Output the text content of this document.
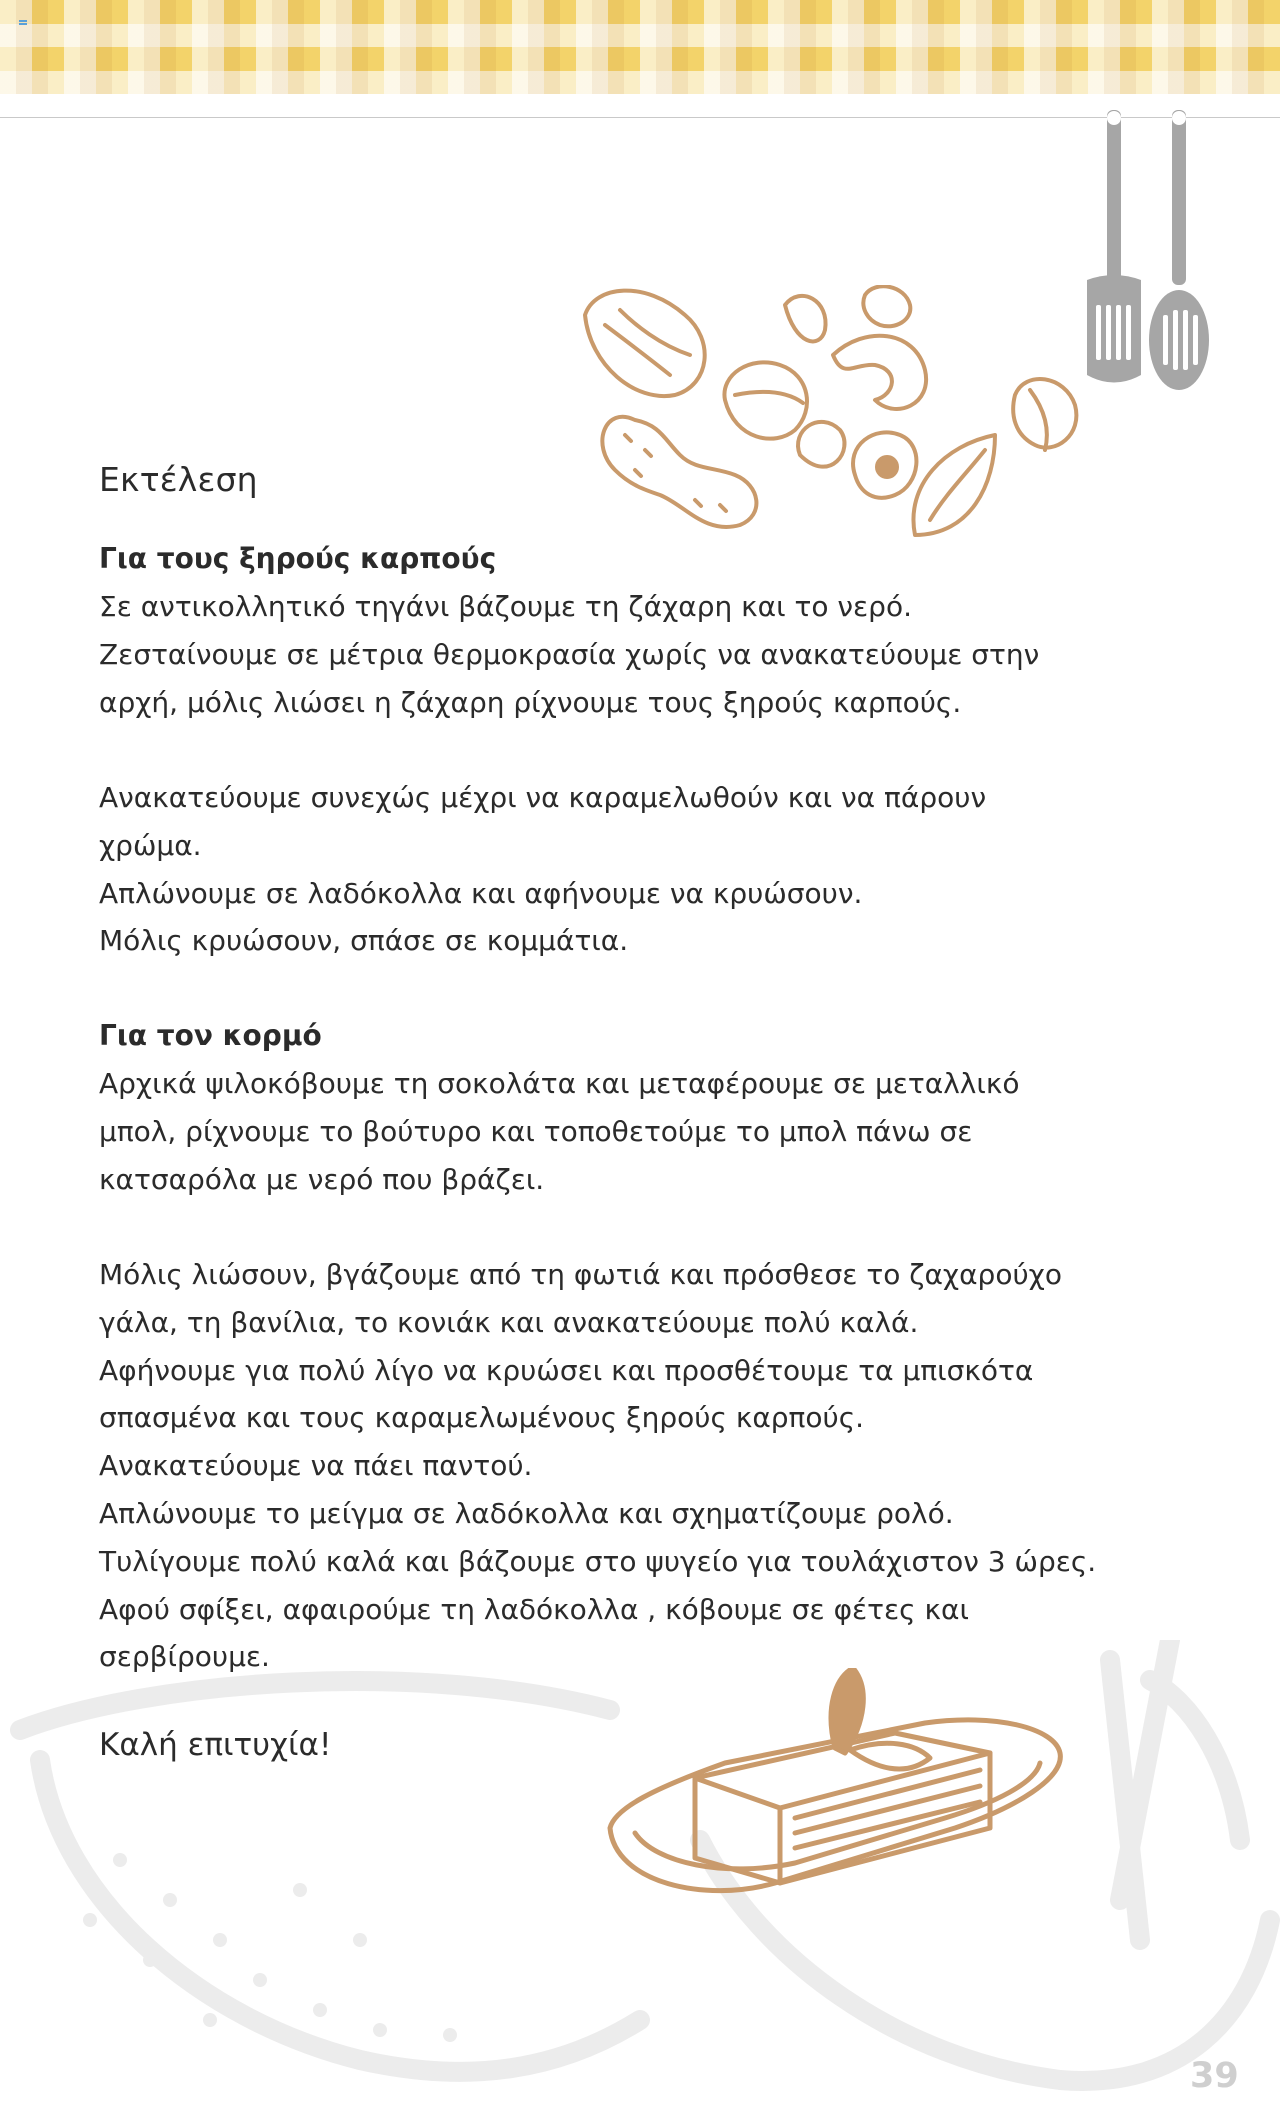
Εκτέλεση
Για τους ξηρούς καρπούς
Σε αντικολλητικό τηγάνι βάζουμε τη ζάχαρη και το νερό.
Ζεσταίνουμε σε μέτρια θερμοκρασία χωρίς να ανακατεύουμε στην
αρχή, μόλις λιώσει η ζάχαρη ρίχνουμε τους ξηρούς καρπούς.
Ανακατεύουμε συνεχώς μέχρι να καραμελωθούν και να πάρουν
χρώμα.
Απλώνουμε σε λαδόκολλα και αφήνουμε να κρυώσουν.
Μόλις κρυώσουν, σπάσε σε κομμάτια.
Για τον κορμό
Αρχικά ψιλοκόβουμε τη σοκολάτα και μεταφέρουμε σε μεταλλικό
μπολ, ρίχνουμε το βούτυρο και τοποθετούμε το μπολ πάνω σε
κατσαρόλα με νερό που βράζει.
Μόλις λιώσουν, βγάζουμε από τη φωτιά και πρόσθεσε το ζαχαρούχο
γάλα, τη βανίλια, το κονιάκ και ανακατεύουμε πολύ καλά.
Αφήνουμε για πολύ λίγο να κρυώσει και προσθέτουμε τα μπισκότα
σπασμένα και τους καραμελωμένους ξηρούς καρπούς.
Ανακατεύουμε να πάει παντού.
Απλώνουμε το μείγμα σε λαδόκολλα και σχηματίζουμε ρολό.
Τυλίγουμε πολύ καλά και βάζουμε στο ψυγείο για τουλάχιστον 3 ώρες.
Αφού σφίξει, αφαιρούμε τη λαδόκολλα , κόβουμε σε φέτες και
σερβίρουμε.
Καλή επιτυχία!
39
